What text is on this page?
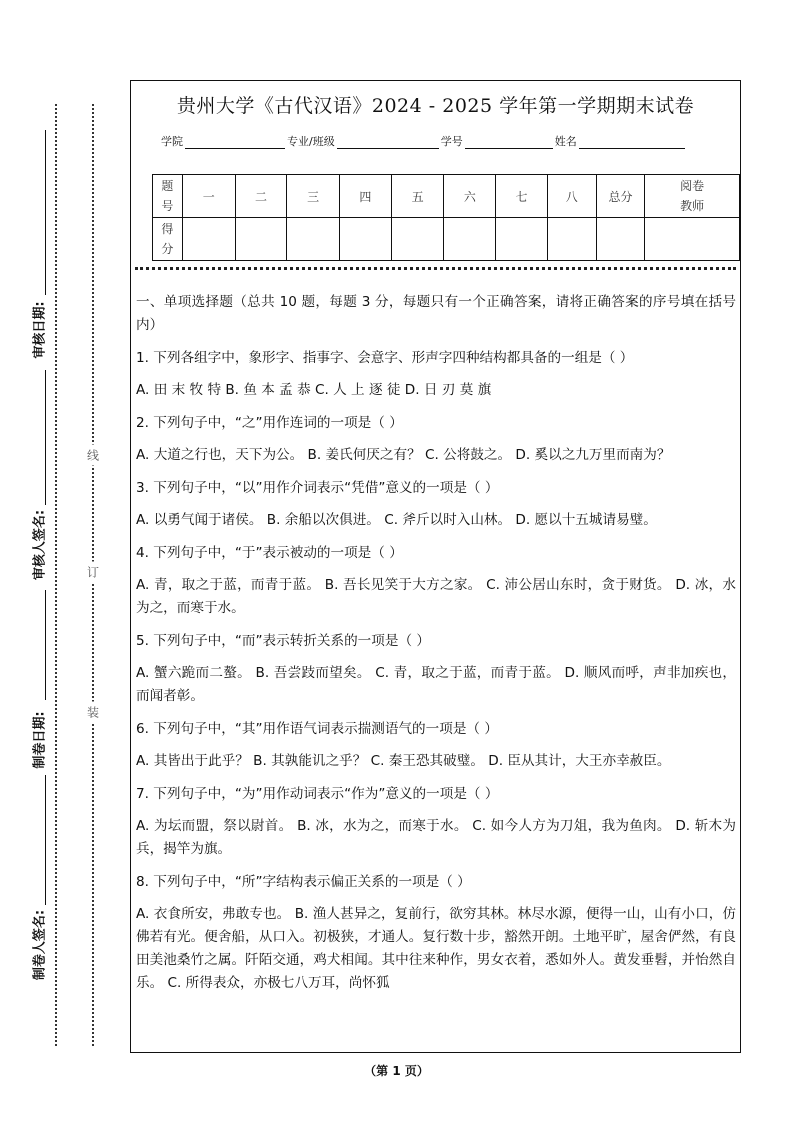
审核日期:
审核人签名:
制卷日期:
制卷人签名:
线
订
装
贵州大学《古代汉语》2024 - 2025 学年第一学期期末试卷
学院	专业/班级	学号	姓名
题号	一	二	三	四	五	六	七	八	总分	阅卷教师
得分										

一、单项选择题（总共 10 题，每题 3 分，每题只有一个正确答案，请将正确答案的序号填在括号内）

1. 下列各组字中，象形字、指事字、会意字、形声字四种结构都具备的一组是（ ）

A. 田 末 牧 特 B. 鱼 本 孟 恭 C. 人 上 逐 徒 D. 日 刃 莫 旗

2. 下列句子中，“之”用作连词的一项是（ ）

A. 大道之行也，天下为公。 B. 姜氏何厌之有？ C. 公将鼓之。 D. 奚以之九万里而南为？

3. 下列句子中，“以”用作介词表示“凭借”意义的一项是（ ）

A. 以勇气闻于诸侯。 B. 余船以次俱进。 C. 斧斤以时入山林。 D. 愿以十五城请易璧。

4. 下列句子中，“于”表示被动的一项是（ ）

A. 青，取之于蓝，而青于蓝。 B. 吾长见笑于大方之家。 C. 沛公居山东时，贪于财货。 D. 冰，水为之，而寒于水。

5. 下列句子中，“而”表示转折关系的一项是（ ）

A. 蟹六跪而二螯。 B. 吾尝跂而望矣。 C. 青，取之于蓝，而青于蓝。 D. 顺风而呼，声非加疾也，而闻者彰。

6. 下列句子中，“其”用作语气词表示揣测语气的一项是（ ）

A. 其皆出于此乎？ B. 其孰能讥之乎？ C. 秦王恐其破璧。 D. 臣从其计，大王亦幸赦臣。

7. 下列句子中，“为”用作动词表示“作为”意义的一项是（ ）

A. 为坛而盟，祭以尉首。 B. 冰，水为之，而寒于水。 C. 如今人方为刀俎，我为鱼肉。 D. 斩木为兵，揭竿为旗。

8. 下列句子中，“所”字结构表示偏正关系的一项是（ ）

A. 衣食所安，弗敢专也。 B. 渔人甚异之，复前行，欲穷其林。林尽水源，便得一山，山有小口，仿佛若有光。便舍船，从口入。初极狭，才通人。复行数十步，豁然开朗。土地平旷，屋舍俨然，有良田美池桑竹之属。阡陌交通，鸡犬相闻。其中往来种作，男女衣着，悉如外人。黄发垂髫，并怡然自乐。 C. 所得表众，亦极七八万耳，尚怀狐

（第 1 页）
